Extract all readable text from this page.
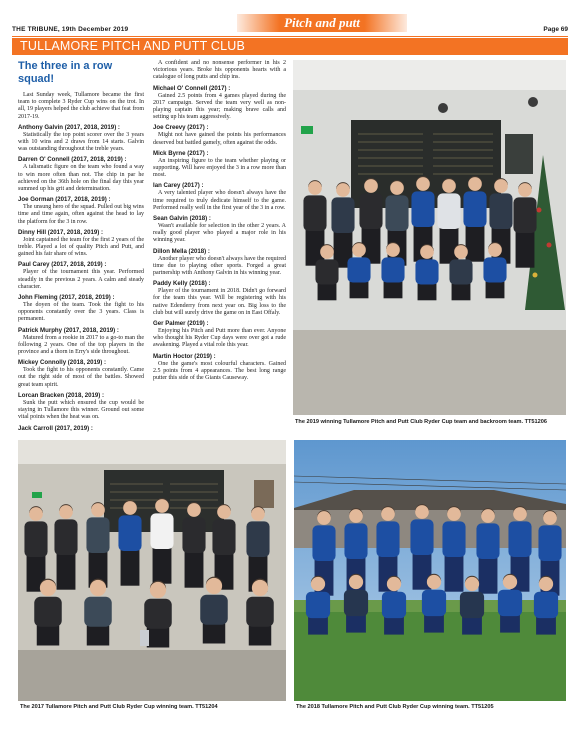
THE TRIBUNE, 19th December 2019	Pitch and putt	Page 69
TULLAMORE PITCH AND PUTT CLUB
The three in a row squad!
Last Sunday week, Tullamore became the first team to complete 3 Ryder Cup wins on the trot. In all, 19 players helped the club achieve that feat from 2017-19.
Anthony Galvin (2017, 2018, 2019) :
Statistically the top point scorer over the 3 years with 10 wins and 2 draws from 14 starts. Galvin was outstanding throughout the treble years.
Darren O' Connell (2017, 2018, 2019) :
A talismatic figure on the team who found a way to win more often than not. The chip in par he achieved on the 36th hole on the final day this year summed up his grit and determination.
Joe Gorman (2017, 2018, 2019) :
The unsung hero of the squad. Pulled out big wins time and time again, often against the head to lay the platform for the 3 in row.
Dinny Hill (2017, 2018, 2019) :
Joint captained the team for the first 2 years of the treble. Played a lot of quality Pitch and Putt, and gained his fair share of wins.
Paul Carey (2017, 2018, 2019) :
Player of the tournament this year. Performed steadily in the previous 2 years. A calm and steady character.
John Fleming (2017, 2018, 2019) :
The doyen of the team. Took the fight to his opponents constantly over the 3 years. Class is permanent.
Patrick Murphy (2017, 2018, 2019) :
Matured from a rookie in 2017 to a go-to man the following 2 years. One of the top players in the province and a thorn in Erry's side throughout.
Mickey Connolly (2018, 2019) :
Took the fight to his opponents constantly. Came out the right side of most of the battles. Showed great team spirit.
Lorcan Bracken (2018, 2019) :
Sunk the putt which ensured the cup would be staying in Tullamore this winner. Ground out some vital points when the heat was on.
Jack Carroll (2017, 2019) :
A confident and no nonsense performer in his 2 victorious years. Broke his opponents hearts with a catalogue of long putts and chip ins.
Michael O' Connell (2017) :
Gained 2.5 points from 4 games played during the 2017 campaign. Served the team very well as non- playing captain this year; making brave calls and setting up his team aggressively.
Joe Creevy (2017) :
Might not have gained the points his performances deserved but battled gamely, often against the odds.
Mick Byrne (2017) :
An inspiring figure to the team whether playing or supporting. Will have enjoyed the 3 in a row more than most.
Ian Carey (2017) :
A very talented player who doesn't always have the time required to truly dedicate himself to the game. Performed really well in the first year of the 3 in a row.
Sean Galvin (2018) :
Wasn't available for selection in the other 2 years. A really good player who played a major role in his winning year.
Dillon Mella (2018) :
Another player who doesn't always have the required time due to playing other sports. Forged a great partnership with Anthony Galvin in his winning year.
Paddy Kelly (2018) :
Player of the tournament in 2018. Didn't go forward for the team this year. Will be registering with his native Edenderry from next year on. Big loss to the club but will surely drive the game on in East Offaly.
Ger Palmer (2019) :
Enjoying his Pitch and Putt more than ever. Anyone who thought his Ryder Cup days were over got a rude awakening. Played a vital role this year.
Martin Hoctor (2019) :
One the game's most colourful characters. Gained 2.5 points from 4 appearances. The best long range putter this side of the Giants Causeway.
The 2019 winning Tullamore Pitch and Putt Club Ryder Cup team and backroom team. TT51206
The 2017 Tullamore Pitch and Putt Club Ryder Cup winning team. TT51204	The 2018 Tullamore Pitch and Putt Club Ryder Cup winning team. TT51205
